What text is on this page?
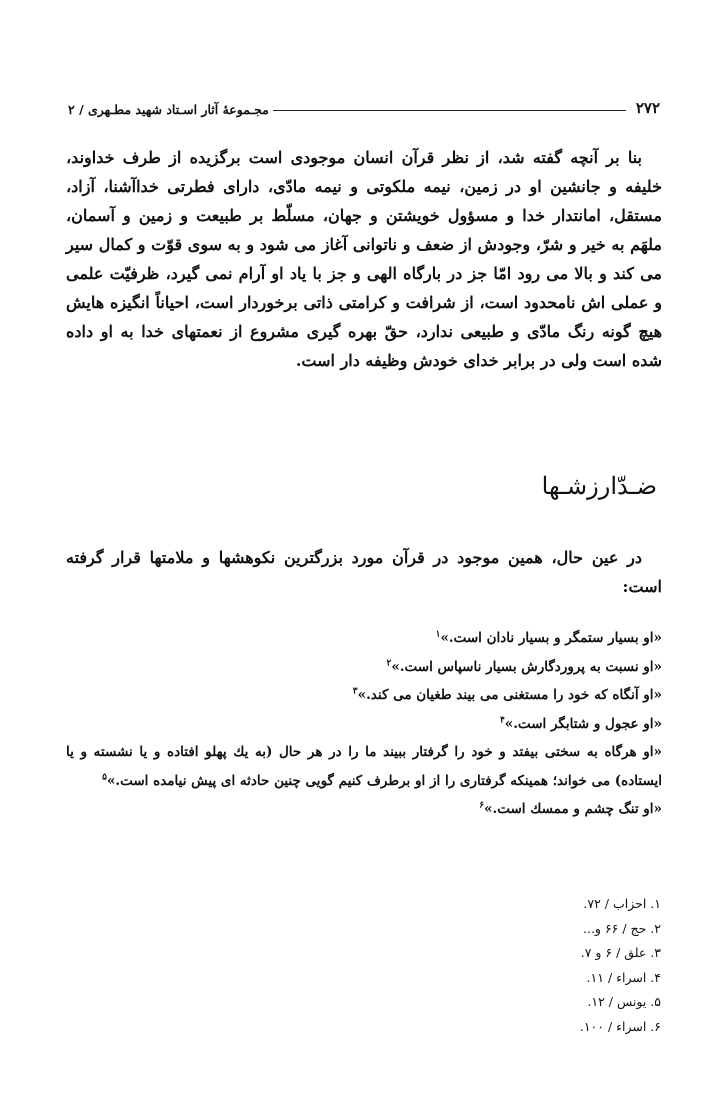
۲۷۲
مجـموعهٔ آثار اسـتاد شهید مطـهری / ۲

بنا بر آنچه گفته شد، از نظر قرآن انسان موجودی است برگزیده از طرف خداوند، خلیفه و جانشین او در زمین، نیمه ملکوتی و نیمه مادّی، دارای فطرتی خداآشنا، آزاد، مستقل، امانتدار خدا و مسؤول خویشتن و جهان، مسلّط بر طبیعت و زمین و آسمان، ملهَم به خیر و شرّ، وجودش از ضعف و ناتوانی آغاز می شود و به سوی قوّت و کمال سیر می کند و بالا می رود امّا جز در بارگاه الهی و جز با یاد او آرام نمی گیرد، ظرفیّت علمی و عملی اش نامحدود است، از شرافت و کرامتی ذاتی برخوردار است، احیاناً انگیزه هایش هیچ گونه رنگ مادّی و طبیعی ندارد، حقّ بهره گیری مشروع از نعمتهای خدا به او داده شده است ولی در برابر خدای خودش وظیفه دار است.

ضـدّارزشـها

در عین حال، همین موجود در قرآن مورد بزرگترین نکوهشها و ملامتها قرار گرفته است:

«او بسیار ستمگر و بسیار نادان است.»$^۱$
«او نسبت به پروردگارش بسیار ناسپاس است.»$^۲$
«او آنگاه که خود را مستغنی می بیند طغیان می کند.»$^۳$
«او عجول و شتابگر است.»$^۴$
«او هرگاه به سختی بیفتد و خود را گرفتار ببیند ما را در هر حال (به یك پهلو افتاده و یا نشسته و یا ایستاده) می خواند؛ همینکه گرفتاری را از او برطرف کنیم گویی چنین حادثه ای پیش نیامده است.»$^۵$
«او تنگ چشم و ممسك است.»$^۶$
۱. احزاب / ۷۲.
۲. حج / ۶۶ و...
۳. علق / ۶ و ۷.
۴. اسراء / ۱۱.
۵. یونس / ۱۲.
۶. اسراء / ۱۰۰.
